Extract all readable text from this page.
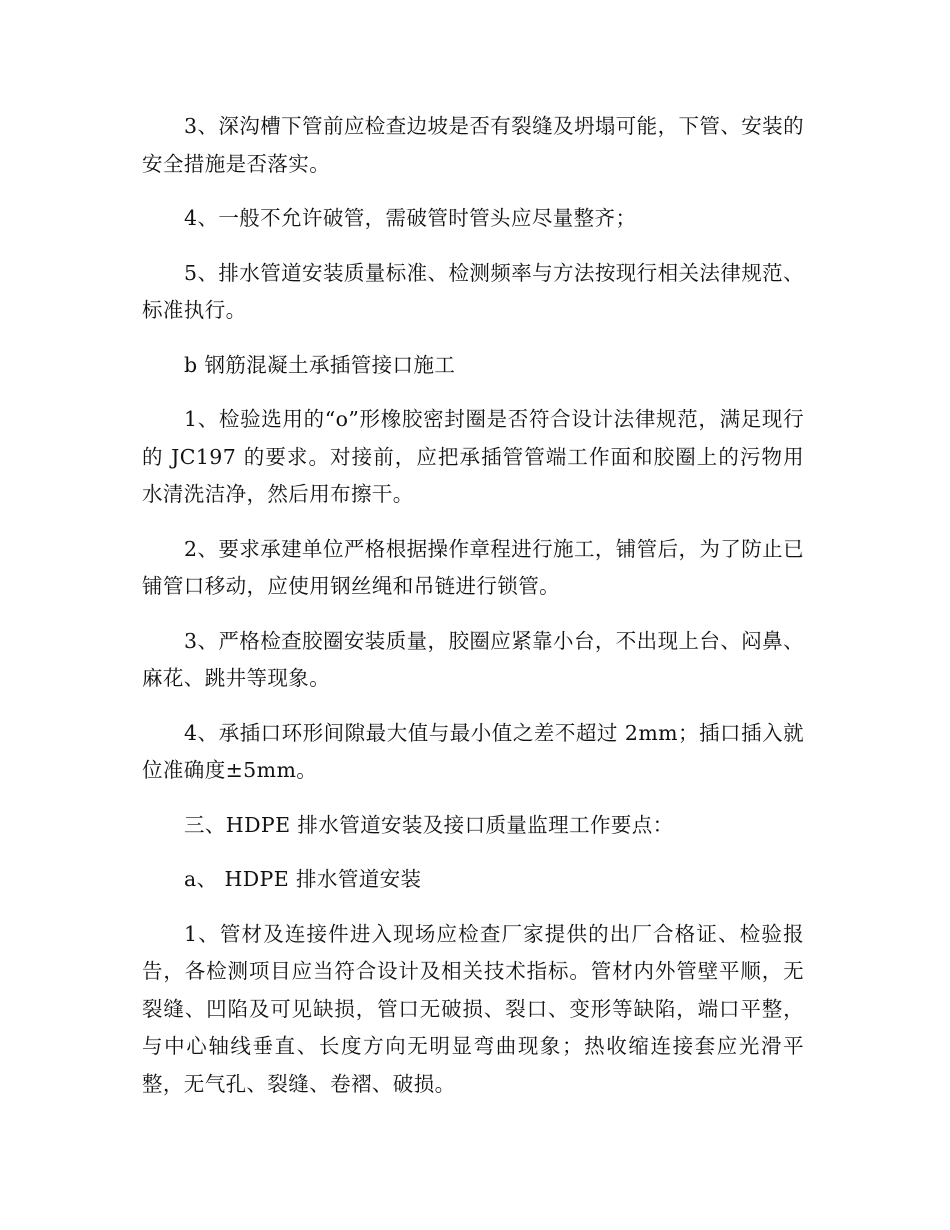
3、深沟槽下管前应检查边坡是否有裂缝及坍塌可能，下管、安装的安全措施是否落实。

4、一般不允许破管，需破管时管头应尽量整齐；

5、排水管道安装质量标准、检测频率与方法按现行相关法律规范、标准执行。

b 钢筋混凝土承插管接口施工

1、检验选用的“o”形橡胶密封圈是否符合设计法律规范，满足现行的 JC197 的要求。对接前，应把承插管管端工作面和胶圈上的污物用水清洗洁净，然后用布擦干。

2、要求承建单位严格根据操作章程进行施工，铺管后，为了防止已铺管口移动，应使用钢丝绳和吊链进行锁管。

3、严格检查胶圈安装质量，胶圈应紧靠小台，不出现上台、闷鼻、麻花、跳井等现象。

4、承插口环形间隙最大值与最小值之差不超过 2mm；插口插入就位准确度±5mm。

三、HDPE 排水管道安装及接口质量监理工作要点：

a、 HDPE 排水管道安装

1、管材及连接件进入现场应检查厂家提供的出厂合格证、检验报告，各检测项目应当符合设计及相关技术指标。管材内外管壁平顺，无裂缝、凹陷及可见缺损，管口无破损、裂口、变形等缺陷，端口平整，与中心轴线垂直、长度方向无明显弯曲现象；热收缩连接套应光滑平整，无气孔、裂缝、卷褶、破损。
